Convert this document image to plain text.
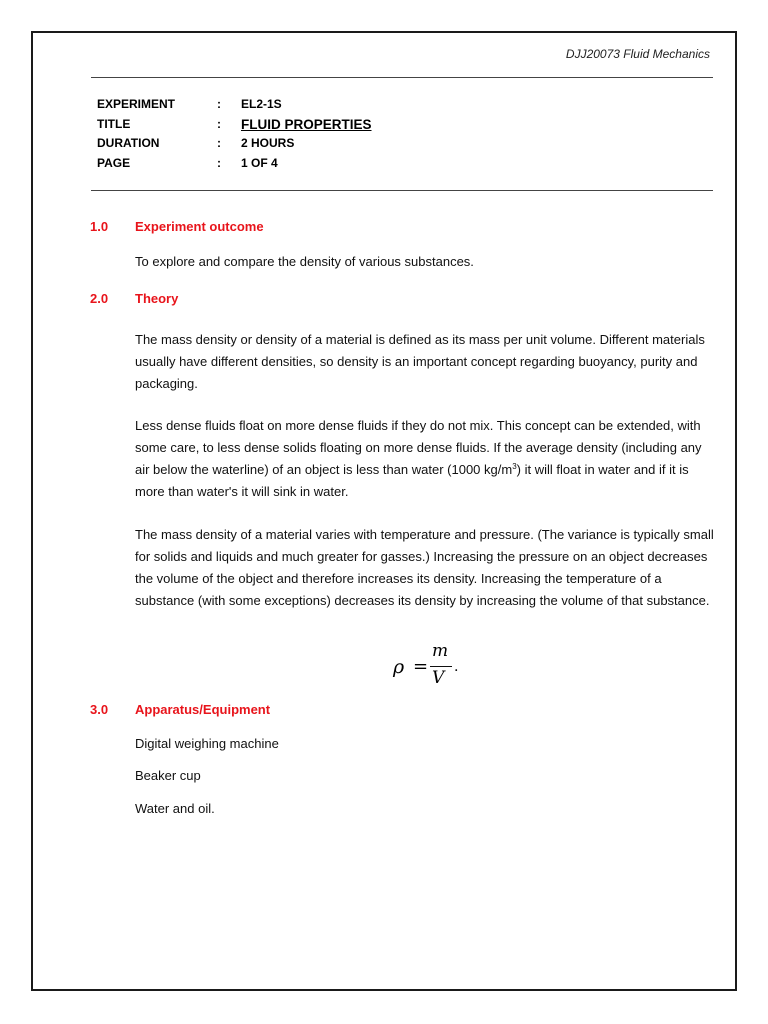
DJJ20073 Fluid Mechanics
EXPERIMENT	: EL2-1S
TITLE	: FLUID PROPERTIES
DURATION	: 2 HOURS
PAGE	: 1 OF 4
1.0 Experiment outcome
To explore and compare the density of various substances.
2.0 Theory
The mass density or density of a material is defined as its mass per unit volume. Different materials usually have different densities, so density is an important concept regarding buoyancy, purity and packaging.
Less dense fluids float on more dense fluids if they do not mix. This concept can be extended, with some care, to less dense solids floating on more dense fluids. If the average density (including any air below the waterline) of an object is less than water (1000 $kg/m^3$) it will float in water and if it is more than water's it will sink in water.
The mass density of a material varies with temperature and pressure. (The variance is typically small for solids and liquids and much greater for gasses.) Increasing the pressure on an object decreases the volume of the object and therefore increases its density. Increasing the temperature of a substance (with some exceptions) decreases its density by increasing the volume of that substance.
ρ =
m
V
.
3.0 Apparatus/Equipment
Digital weighing machine
Beaker cup
Water and oil.
